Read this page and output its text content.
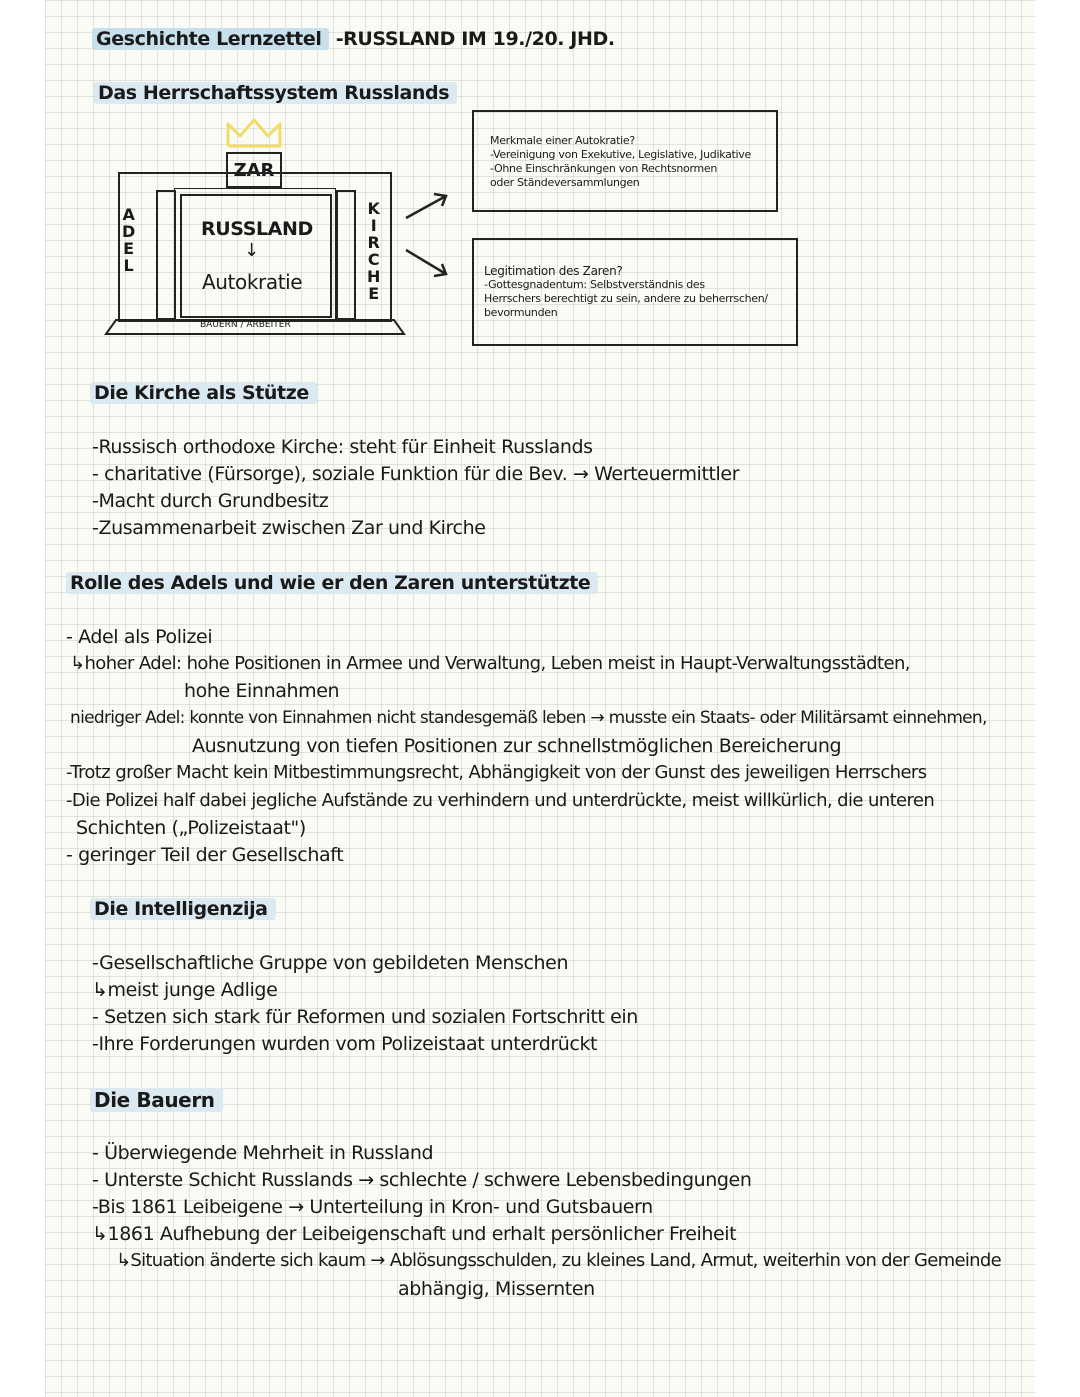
Geschichte Lernzettel -RUSSLAND IM 19./20. JHD.
Das Herrschaftssystem Russlands
ZAR
A
D
E
L
K
I
R
C
H
E
RUSSLAND
↓
Autokratie
BAUERN / ARBEITER
Merkmale einer Autokratie?
-Vereinigung von Exekutive, Legislative, Judikative
-Ohne Einschränkungen von Rechtsnormen
oder Ständeversammlungen
Legitimation des Zaren?
-Gottesgnadentum: Selbstverständnis des
Herrschers berechtigt zu sein, andere zu beherrschen/
bevormunden
Die Kirche als Stütze
-Russisch orthodoxe Kirche: steht für Einheit Russlands
- charitative (Fürsorge), soziale Funktion für die Bev. → Werteuermittler
-Macht durch Grundbesitz
-Zusammenarbeit zwischen Zar und Kirche
Rolle des Adels und wie er den Zaren unterstützte
- Adel als Polizei
↳hoher Adel: hohe Positionen in Armee und Verwaltung, Leben meist in Haupt-Verwaltungsstädten,
hohe Einnahmen
niedriger Adel: konnte von Einnahmen nicht standesgemäß leben → musste ein Staats- oder Militärsamt einnehmen,
Ausnutzung von tiefen Positionen zur schnellstmöglichen Bereicherung
-Trotz großer Macht kein Mitbestimmungsrecht, Abhängigkeit von der Gunst des jeweiligen Herrschers
-Die Polizei half dabei jegliche Aufstände zu verhindern und unterdrückte, meist willkürlich, die unteren
Schichten („Polizeistaat")
- geringer Teil der Gesellschaft
Die Intelligenzija
-Gesellschaftliche Gruppe von gebildeten Menschen
↳meist junge Adlige
- Setzen sich stark für Reformen und sozialen Fortschritt ein
-Ihre Forderungen wurden vom Polizeistaat unterdrückt
Die Bauern
- Überwiegende Mehrheit in Russland
- Unterste Schicht Russlands → schlechte / schwere Lebensbedingungen
-Bis 1861 Leibeigene → Unterteilung in Kron- und Gutsbauern
↳1861 Aufhebung der Leibeigenschaft und erhalt persönlicher Freiheit
↳Situation änderte sich kaum → Ablösungsschulden, zu kleines Land, Armut, weiterhin von der Gemeinde
abhängig, Missernten
